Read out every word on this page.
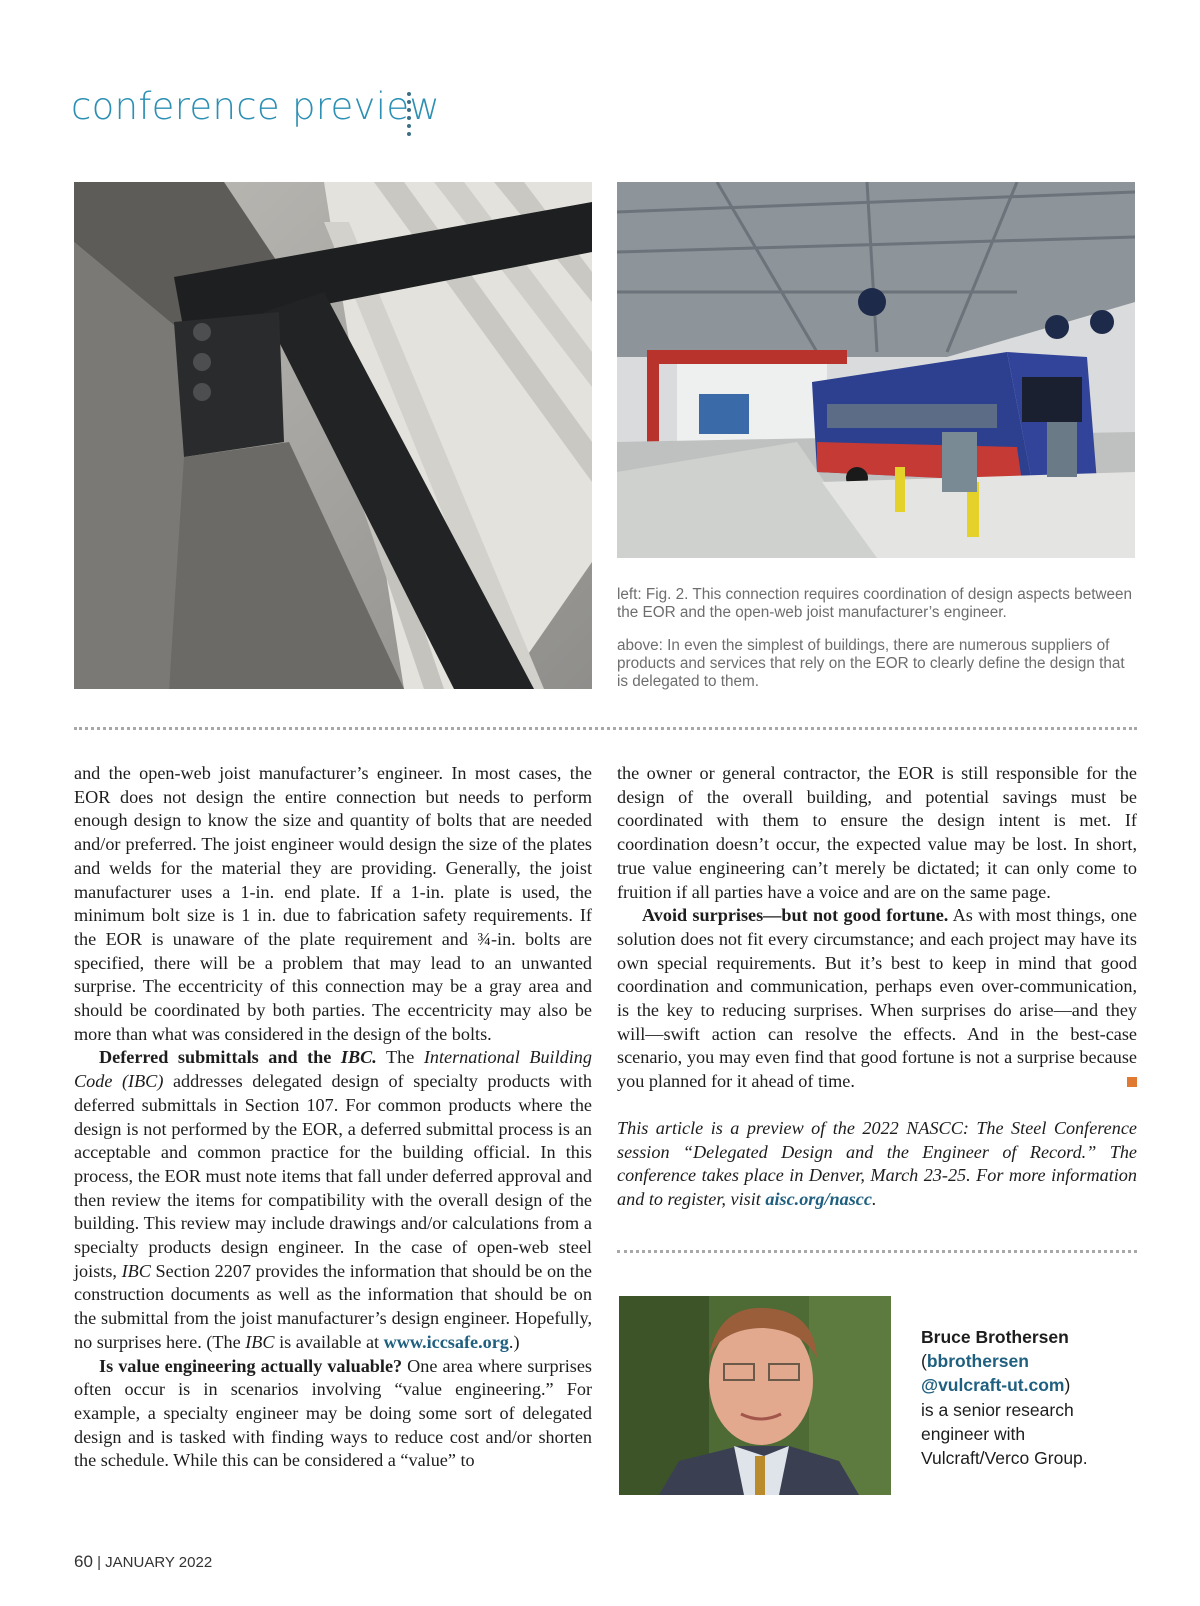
conference preview
left: Fig. 2. This connection requires coordination of design aspects between the EOR and the open-web joist manufacturer’s engineer.
above: In even the simplest of buildings, there are numerous suppliers of products and services that rely on the EOR to clearly define the design that is delegated to them.

and the open-web joist manufacturer’s engineer. In most cases, the EOR does not design the entire connection but needs to perform enough design to know the size and quantity of bolts that are needed and/or preferred. The joist engineer would design the size of the plates and welds for the material they are providing. Generally, the joist manufacturer uses a 1-in. end plate. If a 1-in. plate is used, the minimum bolt size is 1 in. due to fabrication safety requirements. If the EOR is unaware of the plate requirement and ¾-in. bolts are specified, there will be a problem that may lead to an unwanted surprise. The eccentricity of this connection may be a gray area and should be coordinated by both parties. The eccentricity may also be more than what was considered in the design of the bolts.

Deferred submittals and the IBC. The International Building Code (IBC) addresses delegated design of specialty products with deferred submittals in Section 107. For common products where the design is not performed by the EOR, a deferred submittal process is an acceptable and common practice for the building official. In this process, the EOR must note items that fall under deferred approval and then review the items for compatibility with the overall design of the building. This review may include drawings and/or calculations from a specialty products design engineer. In the case of open-web steel joists, IBC Section 2207 provides the information that should be on the construction documents as well as the information that should be on the submittal from the joist manufacturer’s design engineer. Hopefully, no surprises here. (The IBC is available at www.iccsafe.org.)

Is value engineering actually valuable? One area where surprises often occur is in scenarios involving “value engineering.” For example, a specialty engineer may be doing some sort of delegated design and is tasked with finding ways to reduce cost and/or shorten the schedule. While this can be considered a “value” to

the owner or general contractor, the EOR is still responsible for the design of the overall building, and potential savings must be coordinated with them to ensure the design intent is met. If coordination doesn’t occur, the expected value may be lost. In short, true value engineering can’t merely be dictated; it can only come to fruition if all parties have a voice and are on the same page.

Avoid surprises—but not good fortune. As with most things, one solution does not fit every circumstance; and each project may have its own special requirements. But it’s best to keep in mind that good coordination and communication, perhaps even over-communication, is the key to reducing surprises. When surprises do arise—and they will—swift action can resolve the effects. And in the best-case scenario, you may even find that good fortune is not a surprise because you planned for it ahead of time.

This article is a preview of the 2022 NASCC: The Steel Conference session “Delegated Design and the Engineer of Record.” The conference takes place in Denver, March 23-25. For more information and to register, visit aisc.org/nascc.
Bruce Brothersen
(bbrothersen
@vulcraft-ut.com)
is a senior research engineer with Vulcraft/Verco Group.
60 | JANUARY 2022
